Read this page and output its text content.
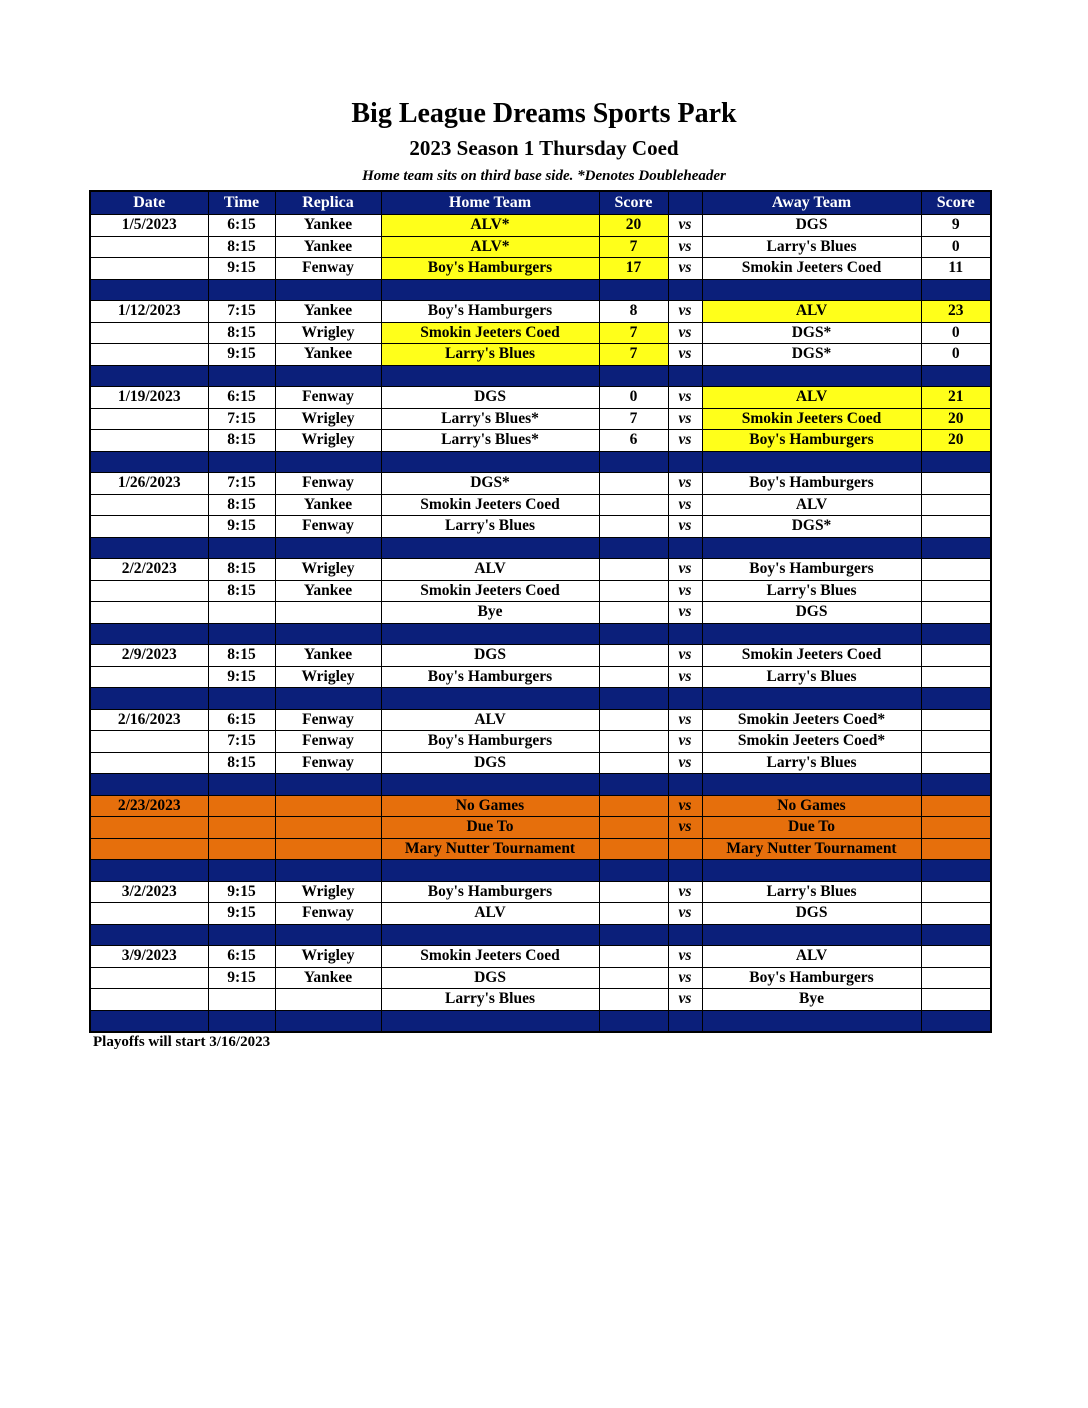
Big League Dreams Sports Park
2023 Season 1 Thursday Coed
Home team sits on third base side. *Denotes Doubleheader
Date	Time	Replica	Home Team	Score		Away Team	Score
1/5/2023	6:15	Yankee	ALV*	20	vs	DGS	9
	8:15	Yankee	ALV*	7	vs	Larry's Blues	0
	9:15	Fenway	Boy's Hamburgers	17	vs	Smokin Jeeters Coed	11

1/12/2023	7:15	Yankee	Boy's Hamburgers	8	vs	ALV	23
	8:15	Wrigley	Smokin Jeeters Coed	7	vs	DGS*	0
	9:15	Yankee	Larry's Blues	7	vs	DGS*	0

1/19/2023	6:15	Fenway	DGS	0	vs	ALV	21
	7:15	Wrigley	Larry's Blues*	7	vs	Smokin Jeeters Coed	20
	8:15	Wrigley	Larry's Blues*	6	vs	Boy's Hamburgers	20

1/26/2023	7:15	Fenway	DGS*		vs	Boy's Hamburgers	
	8:15	Yankee	Smokin Jeeters Coed		vs	ALV	
	9:15	Fenway	Larry's Blues		vs	DGS*	

2/2/2023	8:15	Wrigley	ALV		vs	Boy's Hamburgers	
	8:15	Yankee	Smokin Jeeters Coed		vs	Larry's Blues	
			Bye		vs	DGS	

2/9/2023	8:15	Yankee	DGS		vs	Smokin Jeeters Coed	
	9:15	Wrigley	Boy's Hamburgers		vs	Larry's Blues	

2/16/2023	6:15	Fenway	ALV		vs	Smokin Jeeters Coed*	
	7:15	Fenway	Boy's Hamburgers		vs	Smokin Jeeters Coed*	
	8:15	Fenway	DGS		vs	Larry's Blues	

2/23/2023			No Games		vs	No Games	
			Due To		vs	Due To	
			Mary Nutter Tournament			Mary Nutter Tournament	

3/2/2023	9:15	Wrigley	Boy's Hamburgers		vs	Larry's Blues	
	9:15	Fenway	ALV		vs	DGS	

3/9/2023	6:15	Wrigley	Smokin Jeeters Coed		vs	ALV	
	9:15	Yankee	DGS		vs	Boy's Hamburgers	
			Larry's Blues		vs	Bye	

Playoffs will start 3/16/2023
